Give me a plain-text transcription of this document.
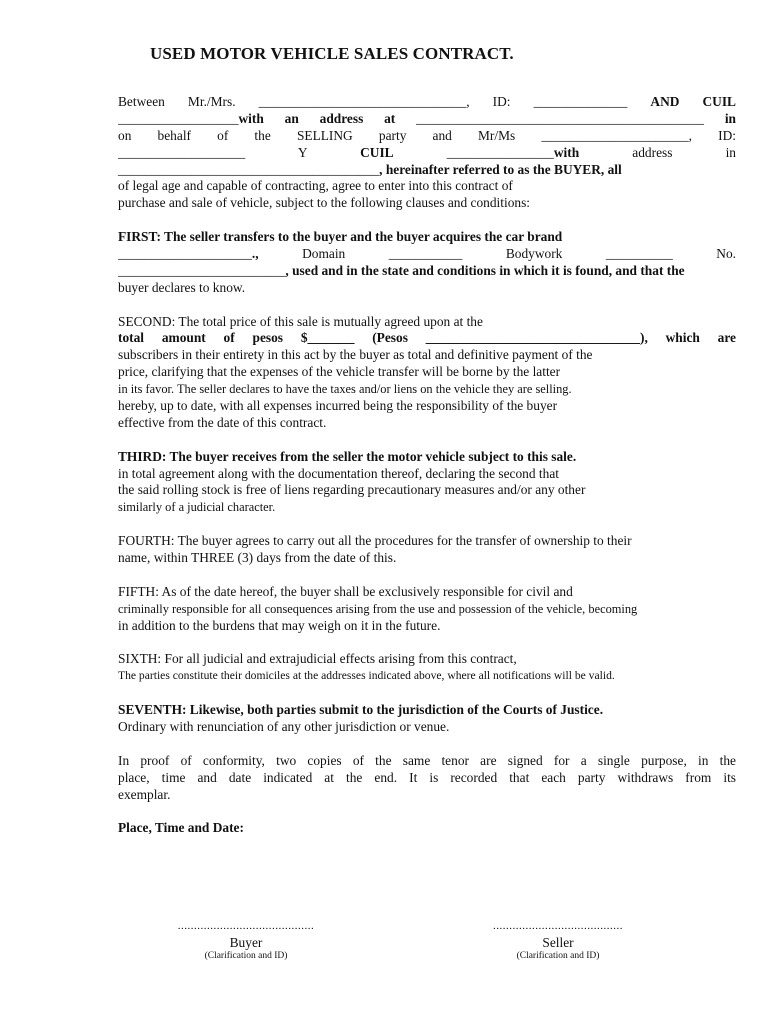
USED MOTOR VEHICLE SALES CONTRACT.
Between Mr./Mrs. _______________________________, ID: ______________ AND CUIL
__________________with an address at ___________________________________________ in
on behalf of the SELLING party and Mr/Ms ______________________, ID:
___________________ Y CUIL ________________with address in
_______________________________________, hereinafter referred to as the BUYER, all
of legal age and capable of contracting, agree to enter into this contract of
purchase and sale of vehicle, subject to the following clauses and conditions:
FIRST: The seller transfers to the buyer and the buyer acquires the car brand
____________________., Domain ___________ Bodywork __________ No.
_________________________, used and in the state and conditions in which it is found, and that the
buyer declares to know.
SECOND: The total price of this sale is mutually agreed upon at the
total amount of pesos $_______ (Pesos ________________________________), which are
subscribers in their entirety in this act by the buyer as total and definitive payment of the
price, clarifying that the expenses of the vehicle transfer will be borne by the latter
in its favor. The seller declares to have the taxes and/or liens on the vehicle they are selling.
hereby, up to date, with all expenses incurred being the responsibility of the buyer
effective from the date of this contract.
THIRD: The buyer receives from the seller the motor vehicle subject to this sale.
in total agreement along with the documentation thereof, declaring the second that
the said rolling stock is free of liens regarding precautionary measures and/or any other
similarly of a judicial character.
FOURTH: The buyer agrees to carry out all the procedures for the transfer of ownership to their
name, within THREE (3) days from the date of this.
FIFTH: As of the date hereof, the buyer shall be exclusively responsible for civil and
criminally responsible for all consequences arising from the use and possession of the vehicle, becoming
in addition to the burdens that may weigh on it in the future.
SIXTH: For all judicial and extrajudicial effects arising from this contract,
The parties constitute their domiciles at the addresses indicated above, where all notifications will be valid.
SEVENTH: Likewise, both parties submit to the jurisdiction of the Courts of Justice.
Ordinary with renunciation of any other jurisdiction or venue.
In proof of conformity, two copies of the same tenor are signed for a single purpose, in the
place, time and date indicated at the end. It is recorded that each party withdraws from its
exemplar.
Place, Time and Date:
..........................................
Buyer
(Clarification and ID)
........................................
Seller
(Clarification and ID)
